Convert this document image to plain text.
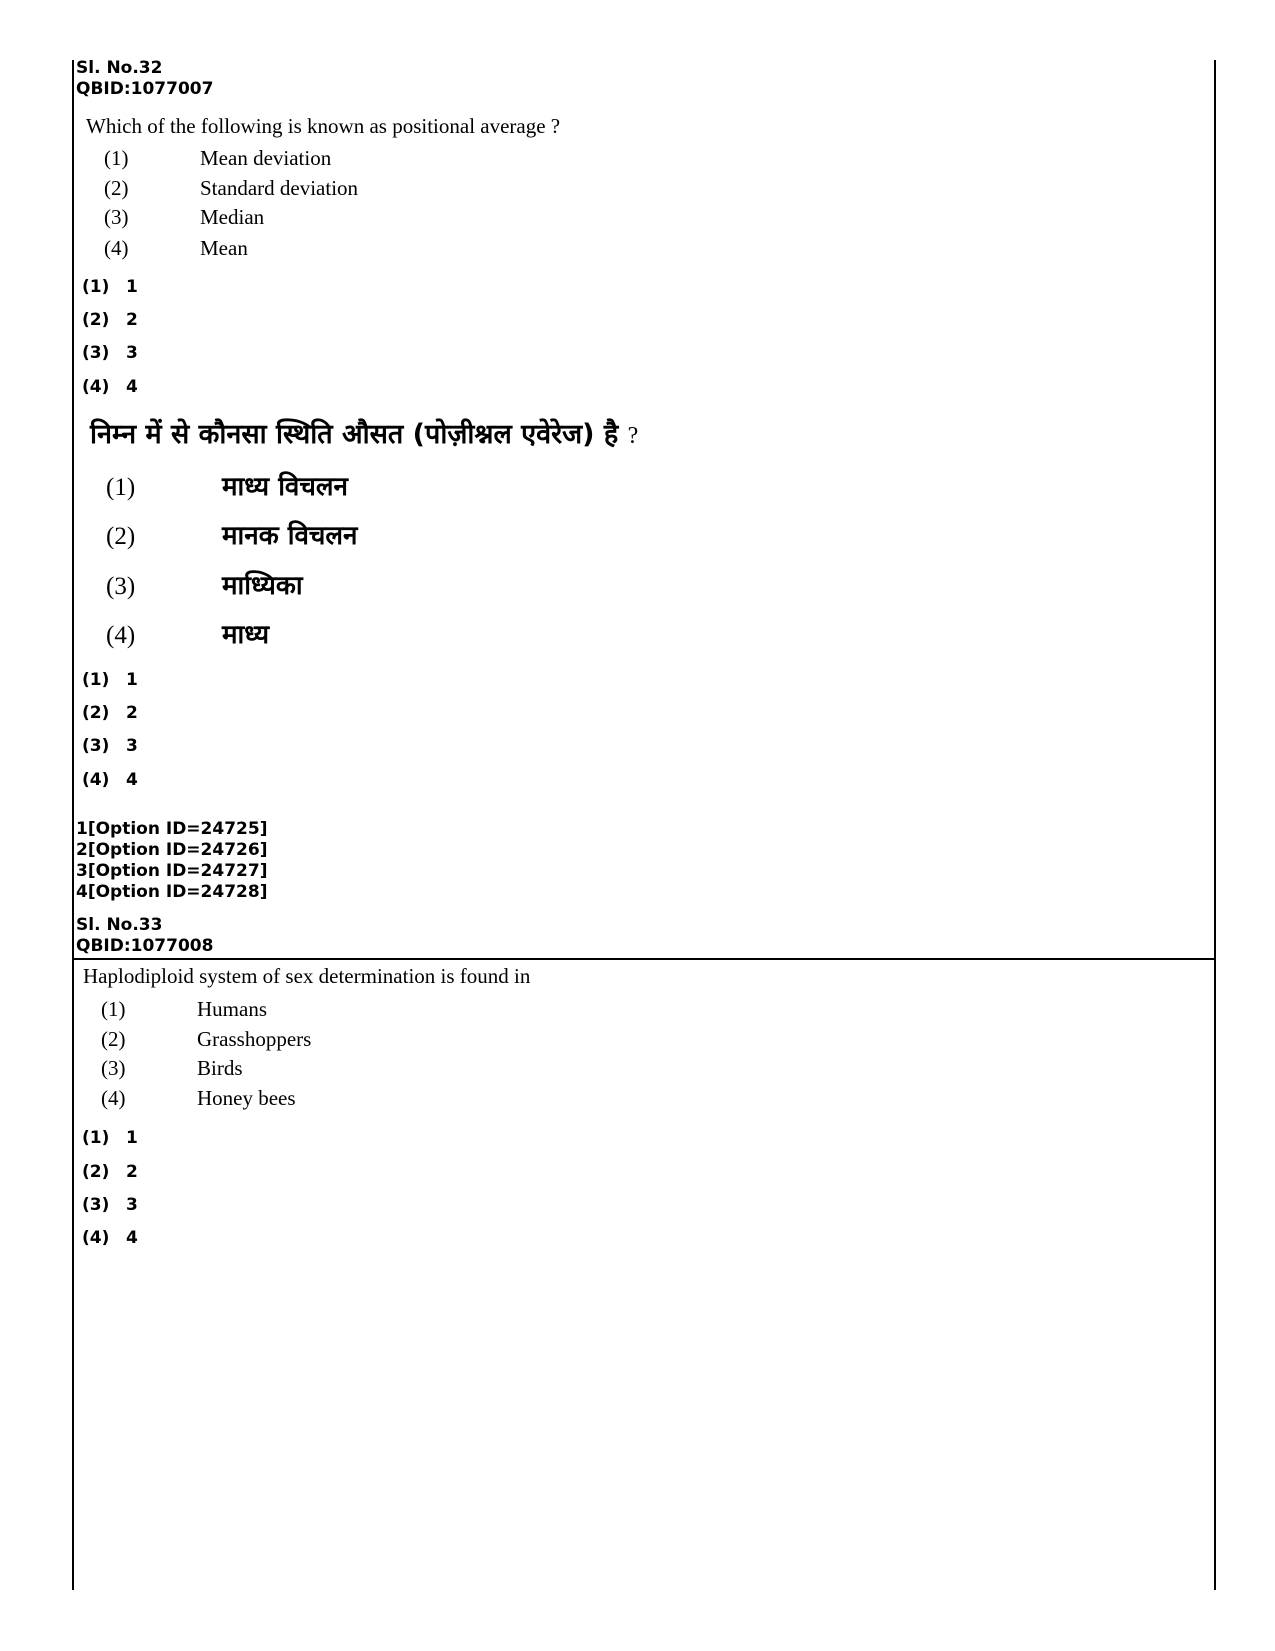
Sl. No.32
QBID:1077007

Which of the following is known as positional average ?

(1)	Mean deviation
(2)	Standard deviation
(3)	Median
(4)	Mean
(1) 1
(2) 2
(3) 3
(4) 4
निम्न में से कौनसा स्थिति औसत (पोज़ीश्नल एवेरेज) है ?
(1)	माध्य विचलन
(2)	मानक विचलन
(3)	माध्यिका
(4)	माध्य
(1) 1
(2) 2
(3) 3
(4) 4
1[Option ID=24725]
2[Option ID=24726]
3[Option ID=24727]
4[Option ID=24728]
Sl. No.33
QBID:1077008

Haplodiploid system of sex determination is found in

(1)	Humans
(2)	Grasshoppers
(3)	Birds
(4)	Honey bees
(1) 1
(2) 2
(3) 3
(4) 4
